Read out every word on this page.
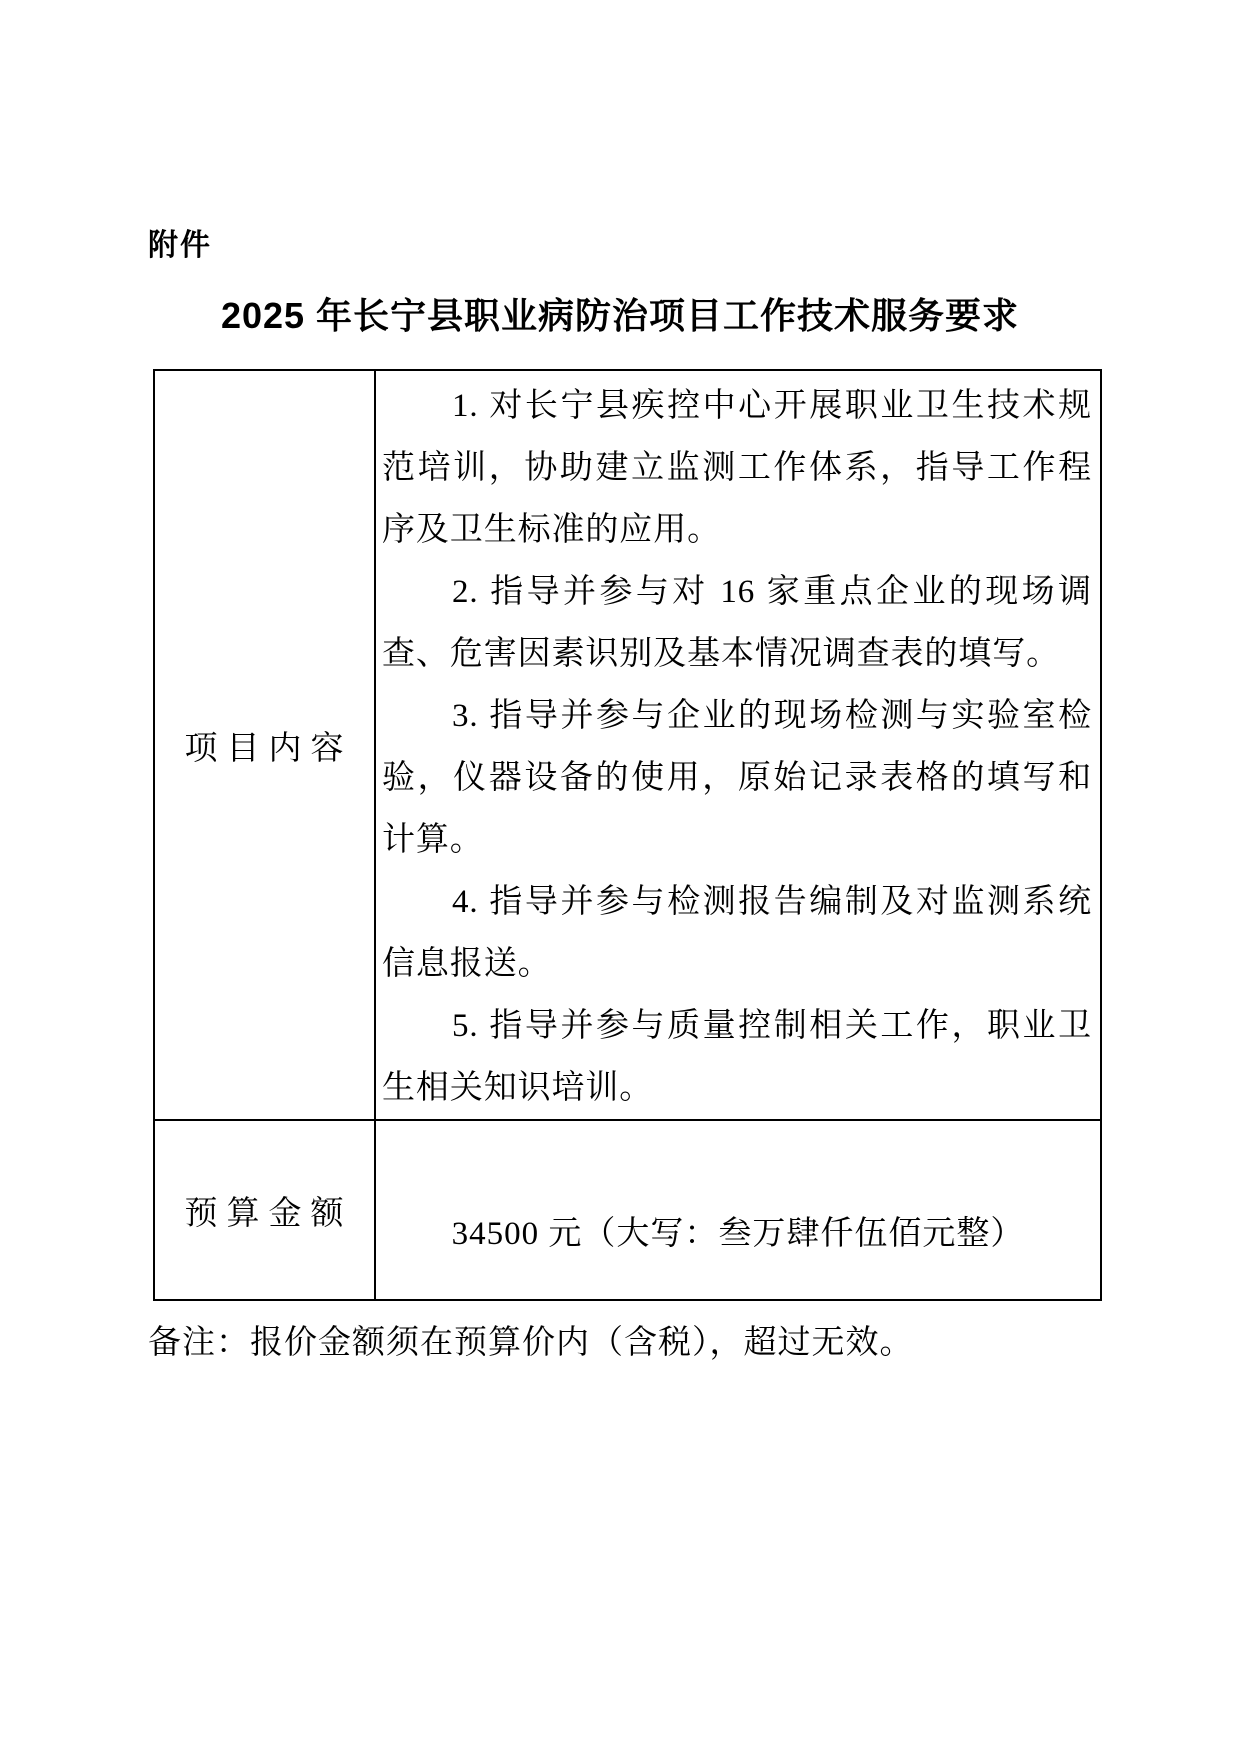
附件
2025 年长宁县职业病防治项目工作技术服务要求
项目内容	1. 对长宁县疾控中心开展职业卫生技术规范培训，协助建立监测工作体系，指导工作程序及卫生标准的应用。

2. 指导并参与对 16 家重点企业的现场调查、危害因素识别及基本情况调查表的填写。

3. 指导并参与企业的现场检测与实验室检验，仪器设备的使用，原始记录表格的填写和计算。

4. 指导并参与检测报告编制及对监测系统信息报送。

5. 指导并参与质量控制相关工作，职业卫生相关知识培训。

预算金额	34500 元（大写：叁万肆仟伍佰元整）
备注：报价金额须在预算价内（含税），超过无效。
